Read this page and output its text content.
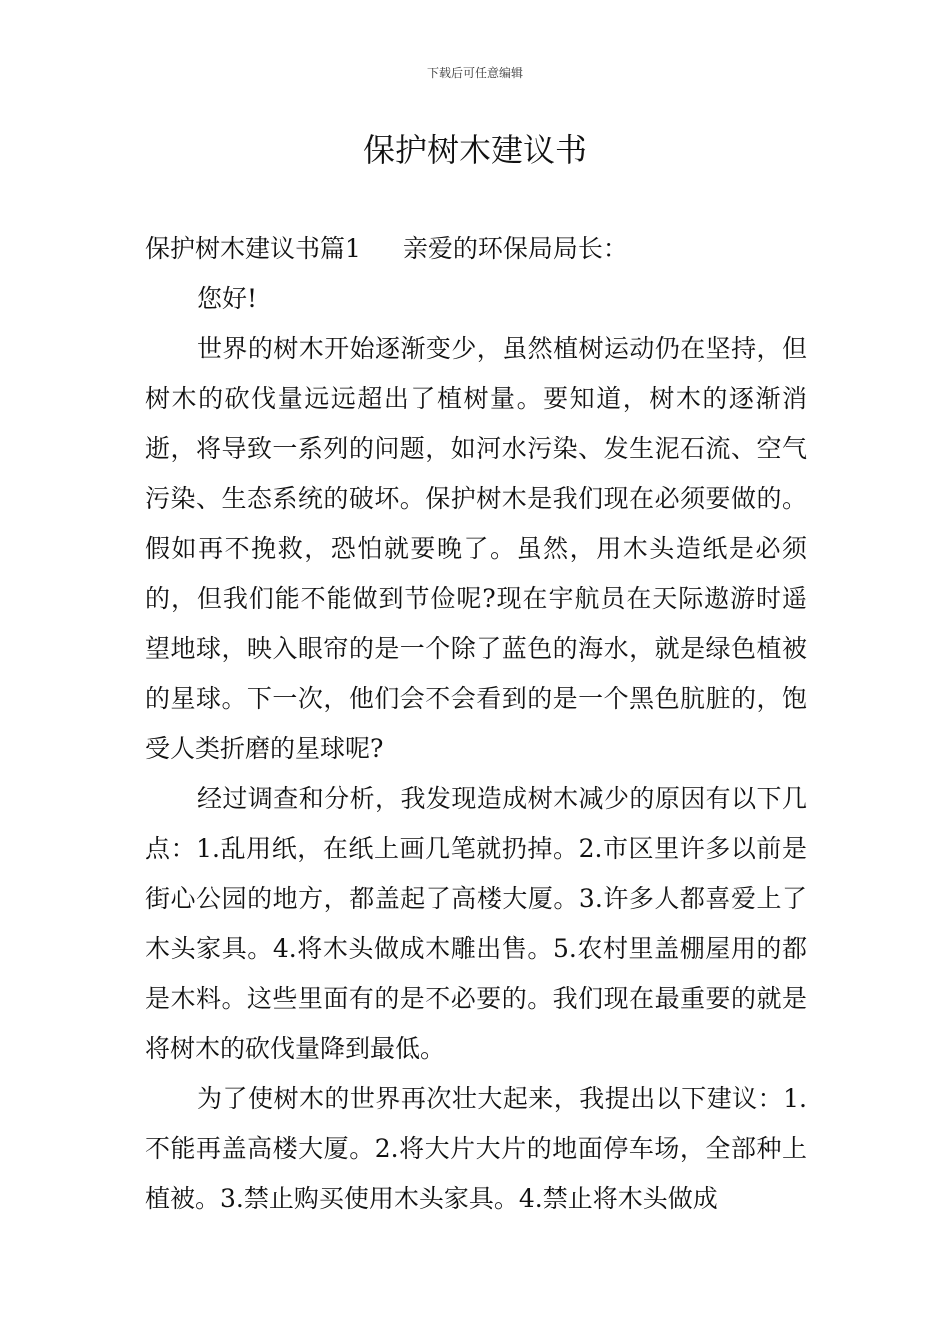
下载后可任意编辑
保护树木建议书

保护树木建议书篇1 亲爱的环保局局长：

您好!

世界的树木开始逐渐变少，虽然植树运动仍在坚持，但树木的砍伐量远远超出了植树量。要知道，树木的逐渐消逝，将导致一系列的问题，如河水污染、发生泥石流、空气污染、生态系统的破坏。保护树木是我们现在必须要做的。假如再不挽救，恐怕就要晚了。虽然，用木头造纸是必须的，但我们能不能做到节俭呢?现在宇航员在天际遨游时遥望地球，映入眼帘的是一个除了蓝色的海水，就是绿色植被的星球。下一次，他们会不会看到的是一个黑色肮脏的，饱受人类折磨的星球呢?

经过调查和分析，我发现造成树木减少的原因有以下几点：1.乱用纸，在纸上画几笔就扔掉。2.市区里许多以前是街心公园的地方，都盖起了高楼大厦。3.许多人都喜爱上了木头家具。4.将木头做成木雕出售。5.农村里盖棚屋用的都是木料。这些里面有的是不必要的。我们现在最重要的就是将树木的砍伐量降到最低。

为了使树木的世界再次壮大起来，我提出以下建议：1.不能再盖高楼大厦。2.将大片大片的地面停车场，全部种上植被。3.禁止购买使用木头家具。4.禁止将木头做成
